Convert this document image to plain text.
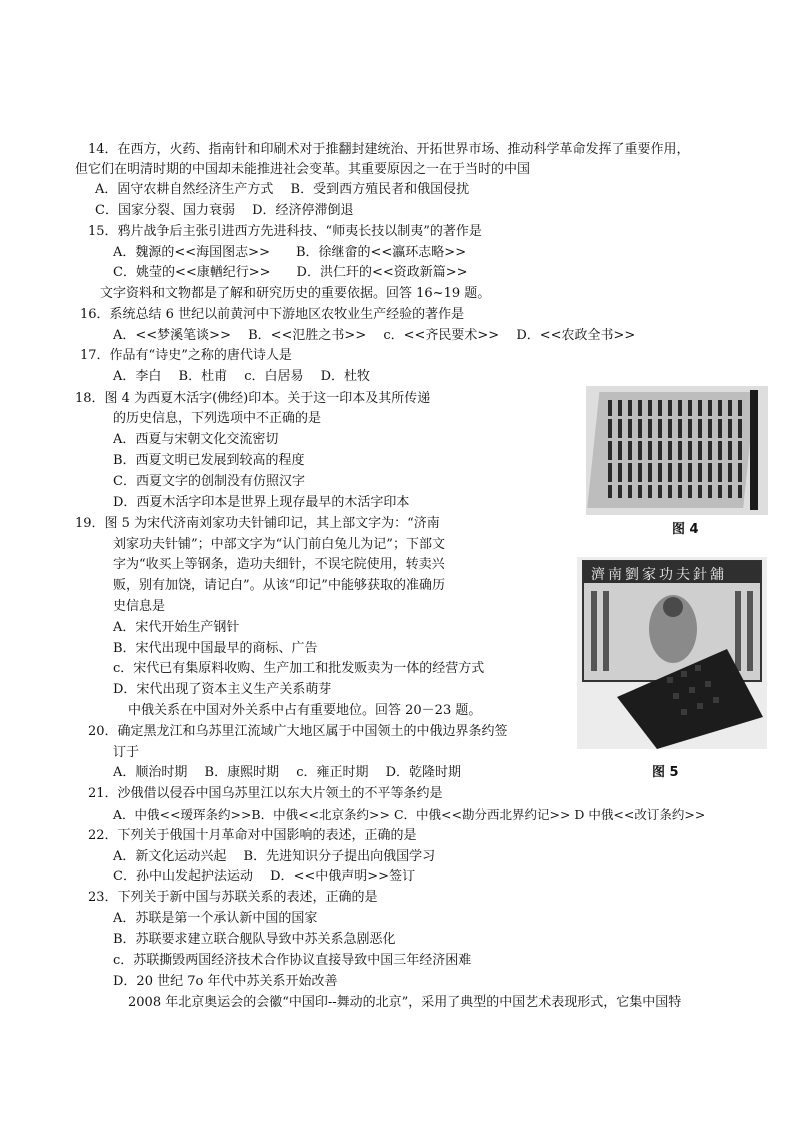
14．在西方，火药、指南针和印刷术对于推翻封建统治、开拓世界市场、推动科学革命发挥了重要作用，
但它们在明清时期的中国却未能推进社会变革。其重要原因之一在于当时的中国
A．固守农耕自然经济生产方式　 B．受到西方殖民者和俄国侵扰
C．国家分裂、国力衰弱　 D．经济停滞倒退
15．鸦片战争后主张引进西方先进科技、“师夷长技以制夷”的著作是
A．魏源的<<海国图志>>　　B．徐继畲的<<瀛环志略>>
C．姚莹的<<康輶纪行>>　　D．洪仁玕的<<资政新篇>>
文字资料和文物都是了解和研究历史的重要依据。回答 16~19 题。
16．系统总结 6 世纪以前黄河中下游地区农牧业生产经验的著作是
A．<<梦溪笔谈>>　 B．<<氾胜之书>>　 c．<<齐民要术>>　 D．<<农政全书>>
17．作品有“诗史”之称的唐代诗人是
A．李白　 B．杜甫　 c．白居易　 D．杜牧
18．图 4 为西夏木活字(佛经)印本。关于这一印本及其所传递
的历史信息，下列选项中不正确的是
A．西夏与宋朝文化交流密切
B．西夏文明已发展到较高的程度
C．西夏文字的创制没有仿照汉字
D．西夏木活字印本是世界上现存最早的木活字印本
19．图 5 为宋代济南刘家功夫针铺印记，其上部文字为：“济南
刘家功夫针铺”；中部文字为“认门前白兔儿为记”；下部文
字为“收买上等钢条，造功夫细针，不误宅院使用，转卖兴
贩，别有加饶，请记白”。从该“印记”中能够获取的准确历
史信息是
A．宋代开始生产钢针
B．宋代出现中国最早的商标、广告
c．宋代已有集原料收购、生产加工和批发贩卖为一体的经营方式
D．宋代出现了资本主义生产关系萌芽
中俄关系在中国对外关系中占有重要地位。回答 20－23 题。
20．确定黑龙江和乌苏里江流域广大地区属于中国领土的中俄边界条约签
订于
A．顺治时期　 B．康熙时期　 c．雍正时期　 D．乾隆时期
21．沙俄借以侵吞中国乌苏里江以东大片领土的不平等条约是
A．中俄<<瑷珲条约>>B．中俄<<北京条约>> C．中俄<<勘分西北界约记>> D 中俄<<改订条约>>
22．下列关于俄国十月革命对中国影响的表述，正确的是
A．新文化运动兴起　 B．先进知识分子提出向俄国学习
C．孙中山发起护法运动　 D．<<中俄声明>>签订
23．下列关于新中国与苏联关系的表述，正确的是
A．苏联是第一个承认新中国的国家
B．苏联要求建立联合舰队导致中苏关系急剧恶化
c．苏联撕毁两国经济技术合作协议直接导致中国三年经济困难
D．20 世纪 7o 年代中苏关系开始改善
2008 年北京奥运会的会徽“中国印--舞动的北京”，采用了典型的中国艺术表现形式，它集中国特
图 4
濟南劉家功夫針舖
图 5
